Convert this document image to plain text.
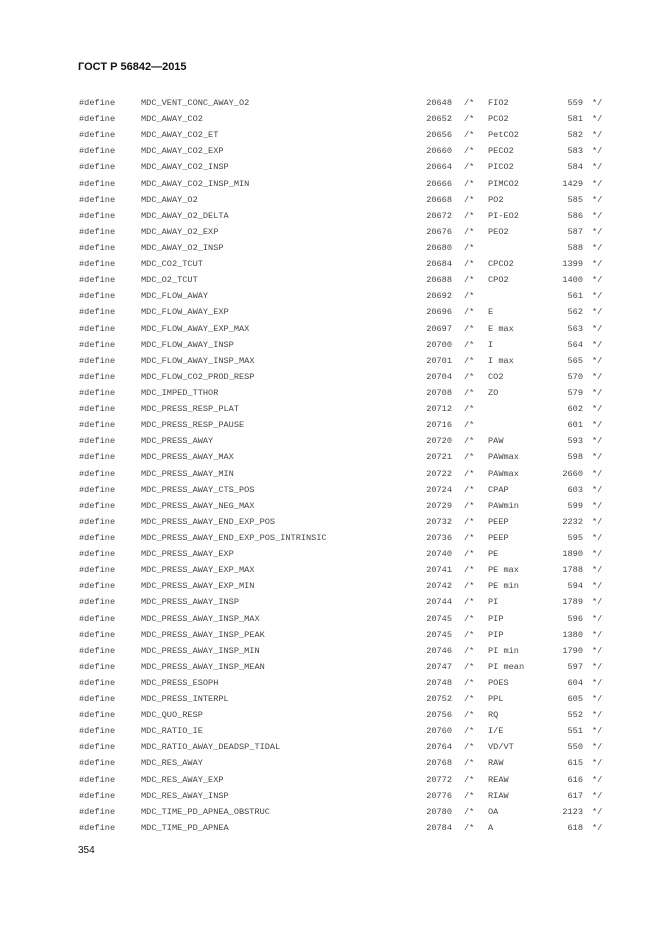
ГОСТ Р 56842—2015
#define	MDC_VENT_CONC_AWAY_O2	20648 /* FIO2	559 */
#define	MDC_AWAY_CO2	20652 /* PCO2	581 */
#define	MDC_AWAY_CO2_ET	20656 /* PetCO2	582 */
#define	MDC_AWAY_CO2_EXP	20660 /* PECO2	583 */
#define	MDC_AWAY_CO2_INSP	20664 /* PICO2	584 */
#define	MDC_AWAY_CO2_INSP_MIN	20666 /* PIMCO2	1429 */
#define	MDC_AWAY_O2	20668 /* PO2	585 */
#define	MDC_AWAY_O2_DELTA	20672 /* PI-EO2	586 */
#define	MDC_AWAY_O2_EXP	20676 /* PEO2	587 */
#define	MDC_AWAY_O2_INSP	20680 /*	588 */
#define	MDC_CO2_TCUT	20684 /* CPCO2	1399 */
#define	MDC_O2_TCUT	20688 /* CPO2	1400 */
#define	MDC_FLOW_AWAY	20692 /*	561 */
#define	MDC_FLOW_AWAY_EXP	20696 /* E	562 */
#define	MDC_FLOW_AWAY_EXP_MAX	20697 /* E max	563 */
#define	MDC_FLOW_AWAY_INSP	20700 /* I	564 */
#define	MDC_FLOW_AWAY_INSP_MAX	20701 /* I max	565 */
#define	MDC_FLOW_CO2_PROD_RESP	20704 /* CO2	570 */
#define	MDC_IMPED_TTHOR	20708 /* ZO	579 */
#define	MDC_PRESS_RESP_PLAT	20712 /*	602 */
#define	MDC_PRESS_RESP_PAUSE	20716 /*	601 */
#define	MDC_PRESS_AWAY	20720 /* PAW	593 */
#define	MDC_PRESS_AWAY_MAX	20721 /* PAWmax	598 */
#define	MDC_PRESS_AWAY_MIN	20722 /* PAWmax	2660 */
#define	MDC_PRESS_AWAY_CTS_POS	20724 /* CPAP	603 */
#define	MDC_PRESS_AWAY_NEG_MAX	20729 /* PAWmin	599 */
#define	MDC_PRESS_AWAY_END_EXP_POS	20732 /* PEEP	2232 */
#define	MDC_PRESS_AWAY_END_EXP_POS_INTRINSIC	20736 /* PEEP	595 */
#define	MDC_PRESS_AWAY_EXP	20740 /* PE	1890 */
#define	MDC_PRESS_AWAY_EXP_MAX	20741 /* PE max	1788 */
#define	MDC_PRESS_AWAY_EXP_MIN	20742 /* PE min	594 */
#define	MDC_PRESS_AWAY_INSP	20744 /* PI	1789 */
#define	MDC_PRESS_AWAY_INSP_MAX	20745 /* PIP	596 */
#define	MDC_PRESS_AWAY_INSP_PEAK	20745 /* PIP	1380 */
#define	MDC_PRESS_AWAY_INSP_MIN	20746 /* PI min	1790 */
#define	MDC_PRESS_AWAY_INSP_MEAN	20747 /* PI mean	597 */
#define	MDC_PRESS_ESOPH	20748 /* POES	604 */
#define	MDC_PRESS_INTERPL	20752 /* PPL	605 */
#define	MDC_QUO_RESP	20756 /* RQ	552 */
#define	MDC_RATIO_IE	20760 /* I/E	551 */
#define	MDC_RATIO_AWAY_DEADSP_TIDAL	20764 /* VD/VT	550 */
#define	MDC_RES_AWAY	20768 /* RAW	615 */
#define	MDC_RES_AWAY_EXP	20772 /* REAW	616 */
#define	MDC_RES_AWAY_INSP	20776 /* RIAW	617 */
#define	MDC_TIME_PD_APNEA_OBSTRUC	20780 /* OA	2123 */
#define	MDC_TIME_PD_APNEA	20784 /* A	618 */
354
